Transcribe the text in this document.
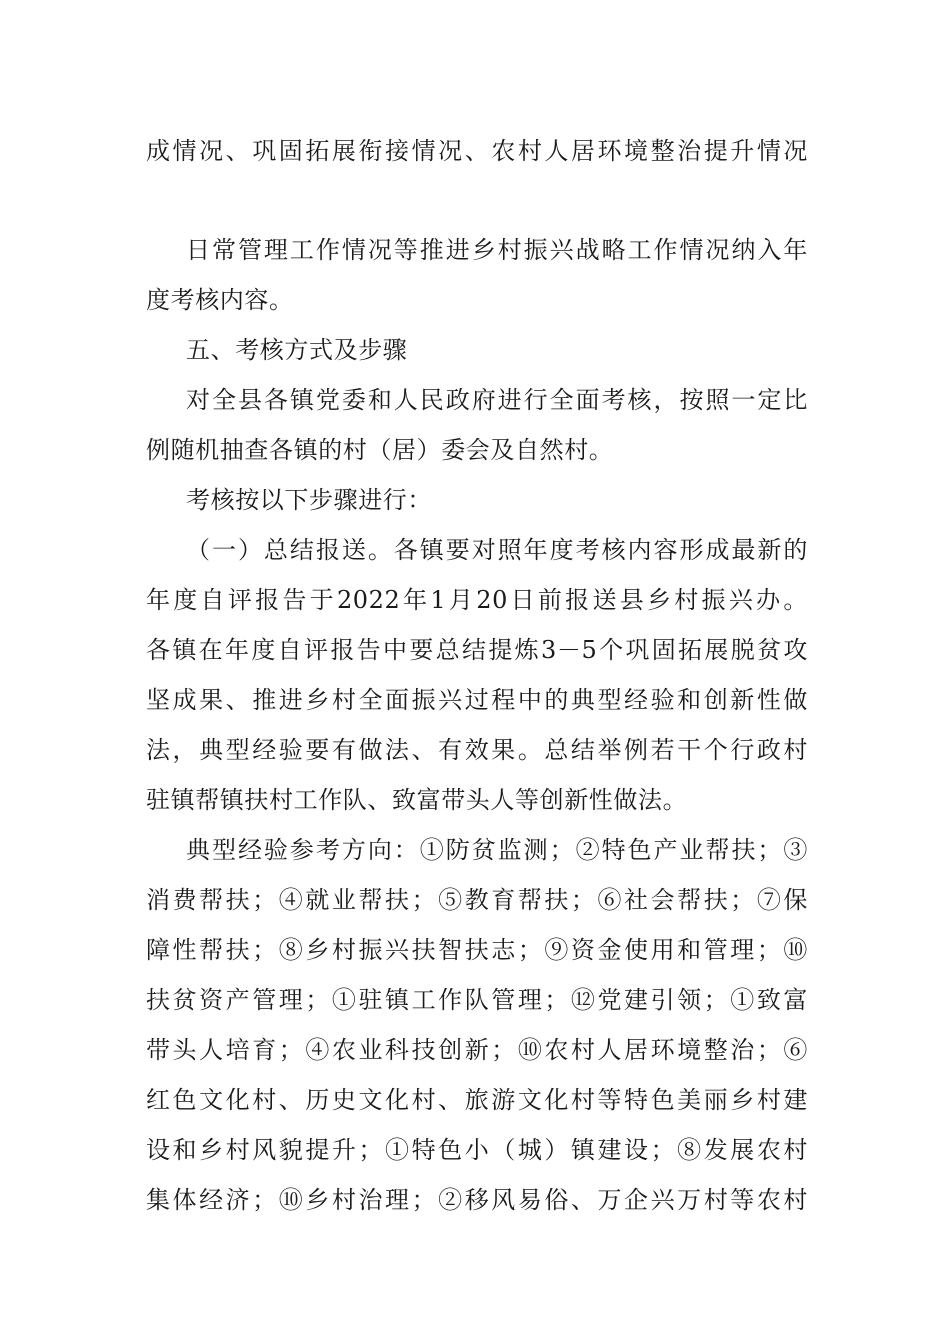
成情况、巩固拓展衔接情况、农村人居环境整治提升情况
日常管理工作情况等推进乡村振兴战略工作情况纳入年
度考核内容。
五、考核方式及步骤
对全县各镇党委和人民政府进行全面考核，按照一定比
例随机抽查各镇的村（居）委会及自然村。
考核按以下步骤进行：
（一）总结报送。各镇要对照年度考核内容形成最新的
年度自评报告于2022年1月20日前报送县乡村振兴办。
各镇在年度自评报告中要总结提炼3－5个巩固拓展脱贫攻
坚成果、推进乡村全面振兴过程中的典型经验和创新性做
法，典型经验要有做法、有效果。总结举例若干个行政村
驻镇帮镇扶村工作队、致富带头人等创新性做法。
典型经验参考方向：①防贫监测；②特色产业帮扶；③
消费帮扶；④就业帮扶；⑤教育帮扶；⑥社会帮扶；⑦保
障性帮扶；⑧乡村振兴扶智扶志；⑨资金使用和管理；⑩
扶贫资产管理；①驻镇工作队管理；⑫党建引领；①致富
带头人培育；④农业科技创新；⑩农村人居环境整治；⑥
红色文化村、历史文化村、旅游文化村等特色美丽乡村建
设和乡村风貌提升；①特色小（城）镇建设；⑧发展农村
集体经济；⑩乡村治理；②移风易俗、万企兴万村等农村
